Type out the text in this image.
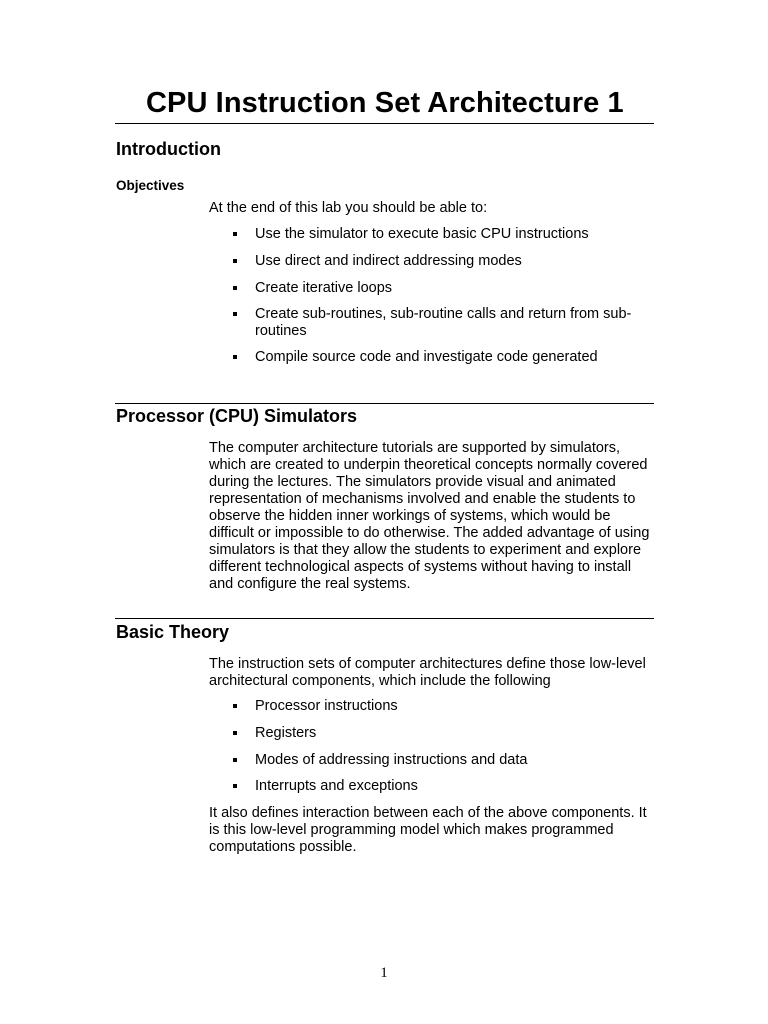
CPU Instruction Set Architecture 1
Introduction
Objectives
At the end of this lab you should be able to:
Use the simulator to execute basic CPU instructions
Use direct and indirect addressing modes
Create iterative loops
Create sub-routines, sub-routine calls and return from sub-routines
Compile source code and investigate code generated
Processor (CPU) Simulators
The computer architecture tutorials are supported by simulators, which are created to underpin theoretical concepts normally covered during the lectures. The simulators provide visual and animated representation of mechanisms involved and enable the students to observe the hidden inner workings of systems, which would be difficult or impossible to do otherwise. The added advantage of using simulators is that they allow the students to experiment and explore different technological aspects of systems without having to install and configure the real systems.
Basic Theory
The instruction sets of computer architectures define those low-level architectural components, which include the following
Processor instructions
Registers
Modes of addressing instructions and data
Interrupts and exceptions
It also defines interaction between each of the above components. It is this low-level programming model which makes programmed computations possible.
1
